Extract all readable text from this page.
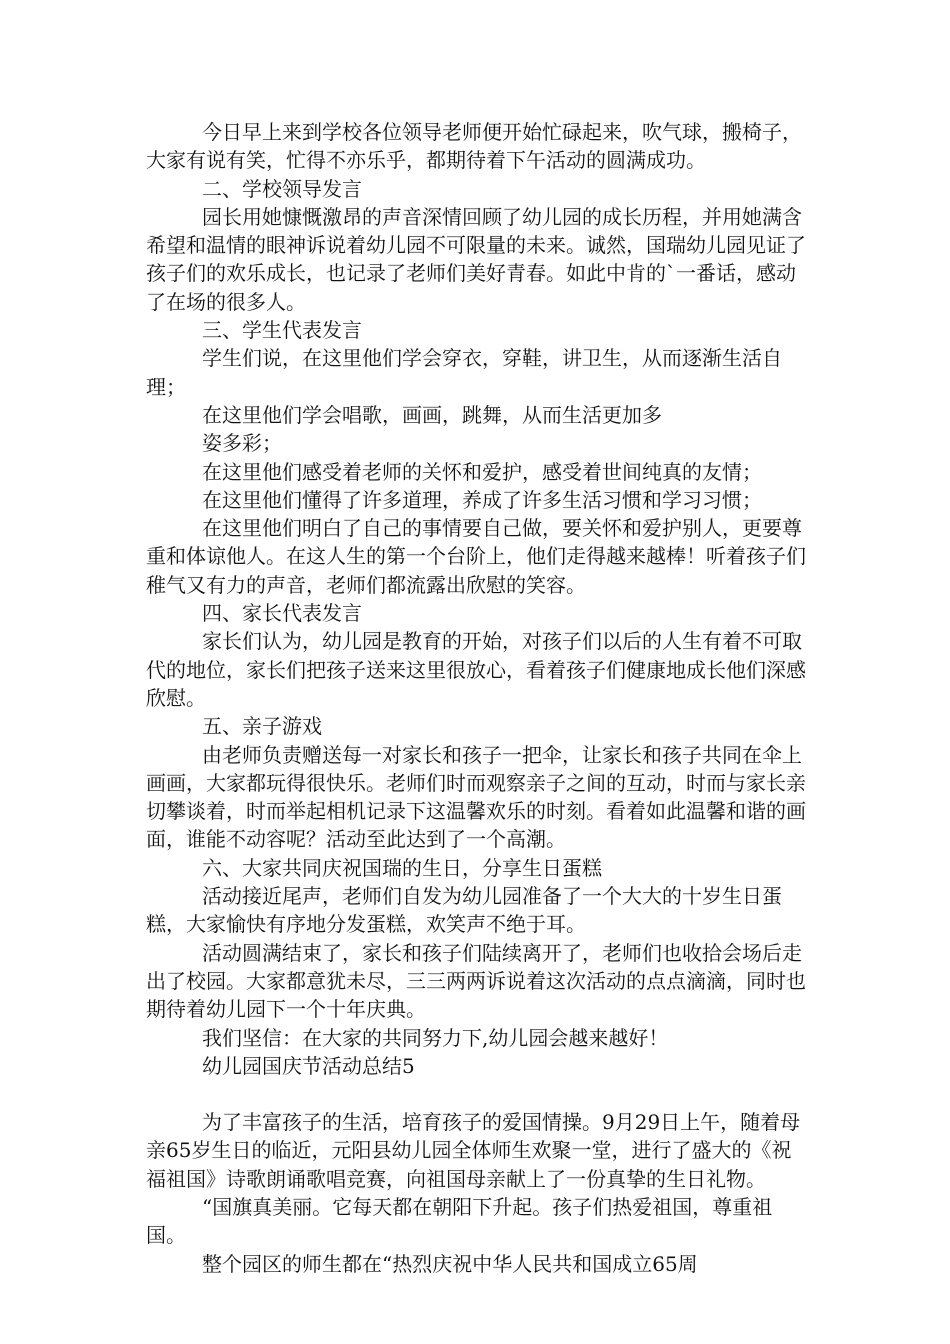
今日早上来到学校各位领导老师便开始忙碌起来，吹气球，搬椅子，大家有说有笑，忙得不亦乐乎，都期待着下午活动的圆满成功。

二、学校领导发言

园长用她慷慨激昂的声音深情回顾了幼儿园的成长历程，并用她满含希望和温情的眼神诉说着幼儿园不可限量的未来。诚然，国瑞幼儿园见证了孩子们的欢乐成长，也记录了老师们美好青春。如此中肯的`一番话，感动了在场的很多人。

三、学生代表发言

学生们说，在这里他们学会穿衣，穿鞋，讲卫生，从而逐渐生活自理；

在这里他们学会唱歌，画画，跳舞，从而生活更加多

姿多彩；

在这里他们感受着老师的关怀和爱护，感受着世间纯真的友情；

在这里他们懂得了许多道理，养成了许多生活习惯和学习习惯；

在这里他们明白了自己的事情要自己做，要关怀和爱护别人，更要尊重和体谅他人。在这人生的第一个台阶上，他们走得越来越棒！听着孩子们稚气又有力的声音，老师们都流露出欣慰的笑容。

四、家长代表发言

家长们认为，幼儿园是教育的开始，对孩子们以后的人生有着不可取代的地位，家长们把孩子送来这里很放心，看着孩子们健康地成长他们深感欣慰。

五、亲子游戏

由老师负责赠送每一对家长和孩子一把伞，让家长和孩子共同在伞上画画，大家都玩得很快乐。老师们时而观察亲子之间的互动，时而与家长亲切攀谈着，时而举起相机记录下这温馨欢乐的时刻。看着如此温馨和谐的画面，谁能不动容呢？活动至此达到了一个高潮。

六、大家共同庆祝国瑞的生日，分享生日蛋糕

活动接近尾声，老师们自发为幼儿园准备了一个大大的十岁生日蛋糕，大家愉快有序地分发蛋糕，欢笑声不绝于耳。

活动圆满结束了，家长和孩子们陆续离开了，老师们也收拾会场后走出了校园。大家都意犹未尽，三三两两诉说着这次活动的点点滴滴，同时也期待着幼儿园下一个十年庆典。

我们坚信：在大家的共同努力下,幼儿园会越来越好！

幼儿园国庆节活动总结5

为了丰富孩子的生活，培育孩子的爱国情操。9月29日上午，随着母亲65岁生日的临近，元阳县幼儿园全体师生欢聚一堂，进行了盛大的《祝福祖国》诗歌朗诵歌唱竞赛，向祖国母亲献上了一份真挚的生日礼物。

“国旗真美丽。它每天都在朝阳下升起。孩子们热爱祖国，尊重祖国。

整个园区的师生都在“热烈庆祝中华人民共和国成立65周
